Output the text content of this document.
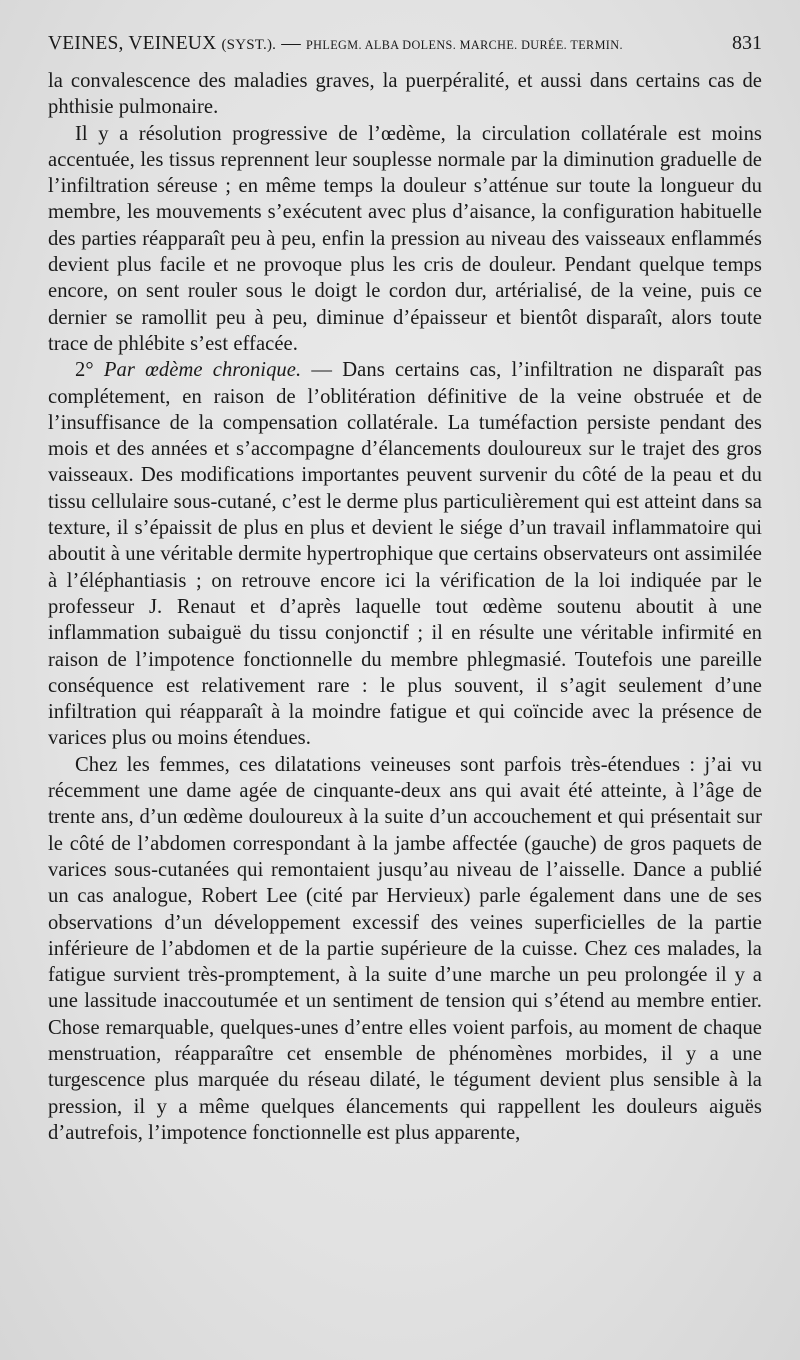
VEINES, VEINEUX (SYST.). — PHLEGM. ALBA DOLENS. MARCHE. DURÉE. TERMIN.	831

la convalescence des maladies graves, la puerpéralité, et aussi dans certains cas de phthisie pulmonaire.

Il y a résolution progressive de l’œdème, la circulation collatérale est moins accentuée, les tissus reprennent leur souplesse normale par la diminution graduelle de l’infiltration séreuse ; en même temps la douleur s’atténue sur toute la longueur du membre, les mouvements s’exécutent avec plus d’aisance, la configuration habituelle des parties réapparaît peu à peu, enfin la pression au niveau des vaisseaux enflammés devient plus facile et ne provoque plus les cris de douleur. Pendant quelque temps encore, on sent rouler sous le doigt le cordon dur, artérialisé, de la veine, puis ce dernier se ramollit peu à peu, diminue d’épaisseur et bientôt disparaît, alors toute trace de phlébite s’est effacée.

2° Par œdème chronique. — Dans certains cas, l’infiltration ne disparaît pas complétement, en raison de l’oblitération définitive de la veine obstruée et de l’insuffisance de la compensation collatérale. La tuméfaction persiste pendant des mois et des années et s’accompagne d’élancements douloureux sur le trajet des gros vaisseaux. Des modifications importantes peuvent survenir du côté de la peau et du tissu cellulaire sous-cutané, c’est le derme plus particulièrement qui est atteint dans sa texture, il s’épaissit de plus en plus et devient le siége d’un travail inflammatoire qui aboutit à une véritable dermite hypertrophique que certains observateurs ont assimilée à l’éléphantiasis ; on retrouve encore ici la vérification de la loi indiquée par le professeur J. Renaut et d’après laquelle tout œdème soutenu aboutit à une inflammation subaiguë du tissu conjonctif ; il en résulte une véritable infirmité en raison de l’impotence fonctionnelle du membre phlegmasié. Toutefois une pareille conséquence est relativement rare : le plus souvent, il s’agit seulement d’une infiltration qui réapparaît à la moindre fatigue et qui coïncide avec la présence de varices plus ou moins étendues.

Chez les femmes, ces dilatations veineuses sont parfois très-étendues : j’ai vu récemment une dame agée de cinquante-deux ans qui avait été atteinte, à l’âge de trente ans, d’un œdème douloureux à la suite d’un accouchement et qui présentait sur le côté de l’abdomen correspondant à la jambe affectée (gauche) de gros paquets de varices sous-cutanées qui remontaient jusqu’au niveau de l’aisselle. Dance a publié un cas analogue, Robert Lee (cité par Hervieux) parle également dans une de ses observations d’un développement excessif des veines superficielles de la partie inférieure de l’abdomen et de la partie supérieure de la cuisse. Chez ces malades, la fatigue survient très-promptement, à la suite d’une marche un peu prolongée il y a une lassitude inaccoutumée et un sentiment de tension qui s’étend au membre entier. Chose remarquable, quelques-unes d’entre elles voient parfois, au moment de chaque menstruation, réapparaître cet ensemble de phénomènes morbides, il y a une turgescence plus marquée du réseau dilaté, le tégument devient plus sensible à la pression, il y a même quelques élancements qui rappellent les douleurs aiguës d’autrefois, l’impotence fonctionnelle est plus apparente,
